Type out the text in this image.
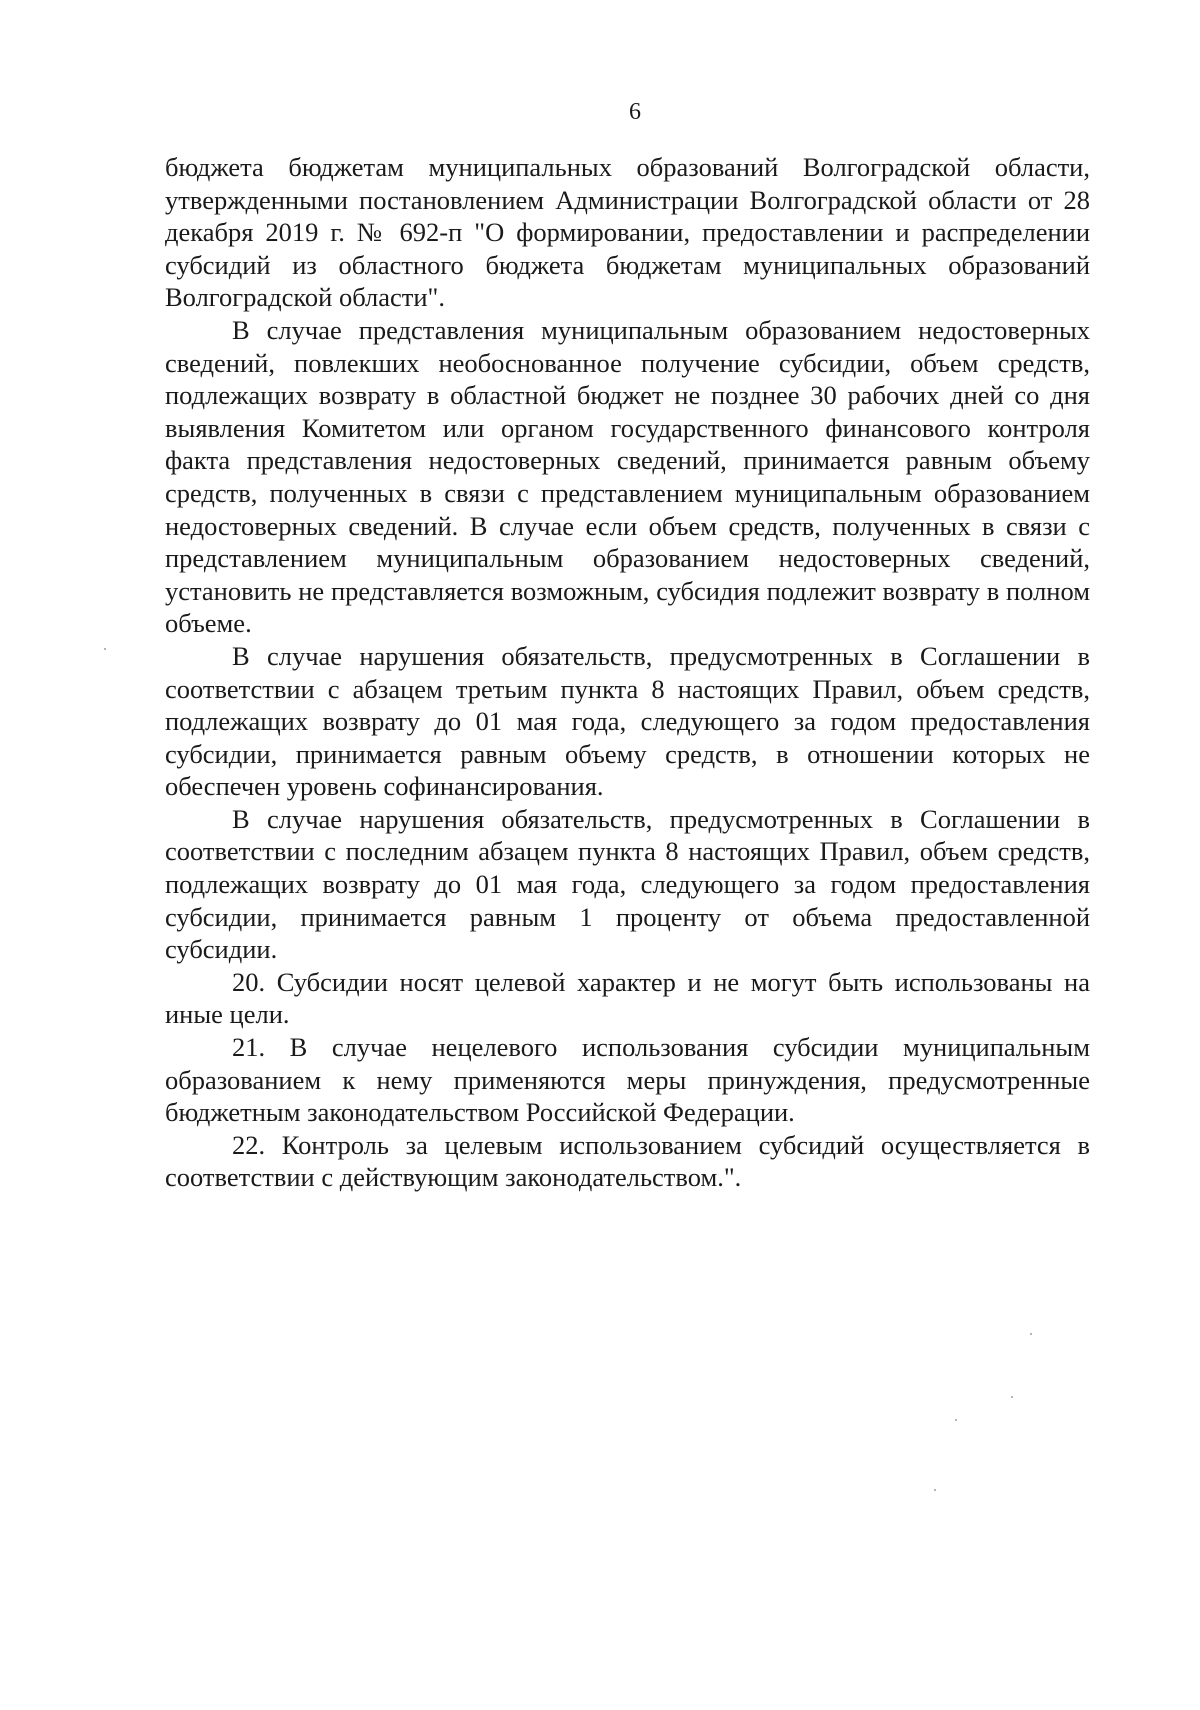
6

бюджета бюджетам муниципальных образований Волгоградской области, утвержденными постановлением Администрации Волгоградской области от 28 декабря 2019 г. № 692-п "О формировании, предоставлении и распределении субсидий из областного бюджета бюджетам муниципальных образований Волгоградской области".

В случае представления муниципальным образованием недостоверных сведений, повлекших необоснованное получение субсидии, объем средств, подлежащих возврату в областной бюджет не позднее 30 рабочих дней со дня выявления Комитетом или органом государственного финансового контроля факта представления недостоверных сведений, принимается равным объему средств, полученных в связи с представлением муниципальным образованием недостоверных сведений. В случае если объем средств, полученных в связи с представлением муниципальным образованием недостоверных сведений, установить не представляется возможным, субсидия подлежит возврату в полном объеме.

В случае нарушения обязательств, предусмотренных в Соглашении в соответствии с абзацем третьим пункта 8 настоящих Правил, объем средств, подлежащих возврату до 01 мая года, следующего за годом предоставления субсидии, принимается равным объему средств, в отношении которых не обеспечен уровень софинансирования.

В случае нарушения обязательств, предусмотренных в Соглашении в соответствии с последним абзацем пункта 8 настоящих Правил, объем средств, подлежащих возврату до 01 мая года, следующего за годом предоставления субсидии, принимается равным 1 проценту от объема предоставленной субсидии.

20. Субсидии носят целевой характер и не могут быть использованы на иные цели.

21. В случае нецелевого использования субсидии муниципальным образованием к нему применяются меры принуждения, предусмотренные бюджетным законодательством Российской Федерации.

22. Контроль за целевым использованием субсидий осуществляется в соответствии с действующим законодательством.".
